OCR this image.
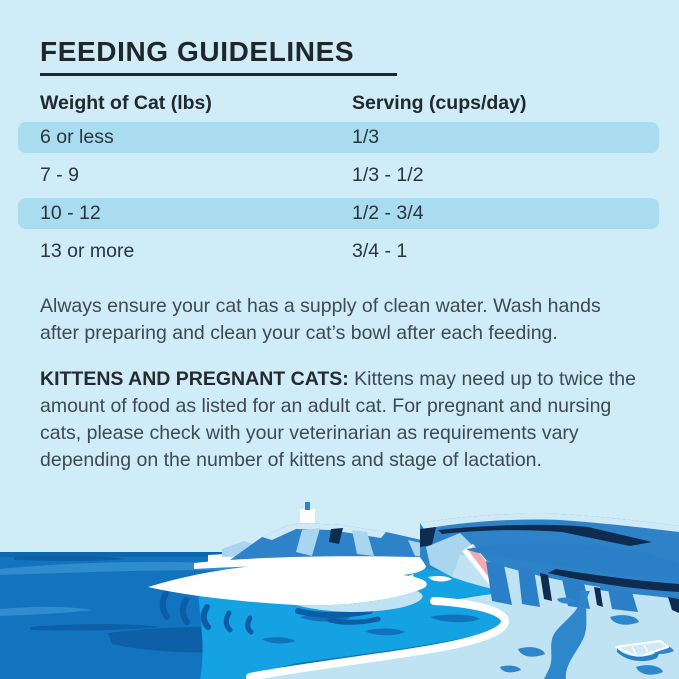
FEEDING GUIDELINES
Weight of Cat (lbs)	Serving (cups/day)
6 or less	1/3
7 - 9	1/3 - 1/2
10 - 12	1/2 - 3/4
13 or more	3/4 - 1

Always ensure your cat has a supply of clean water. Wash hands after preparing and clean your cat’s bowl after each feeding.

KITTENS AND PREGNANT CATS: Kittens may need up to twice the amount of food as listed for an adult cat. For pregnant and nursing cats, please check with your veterinarian as requirements vary depending on the number of kittens and stage of lactation.
